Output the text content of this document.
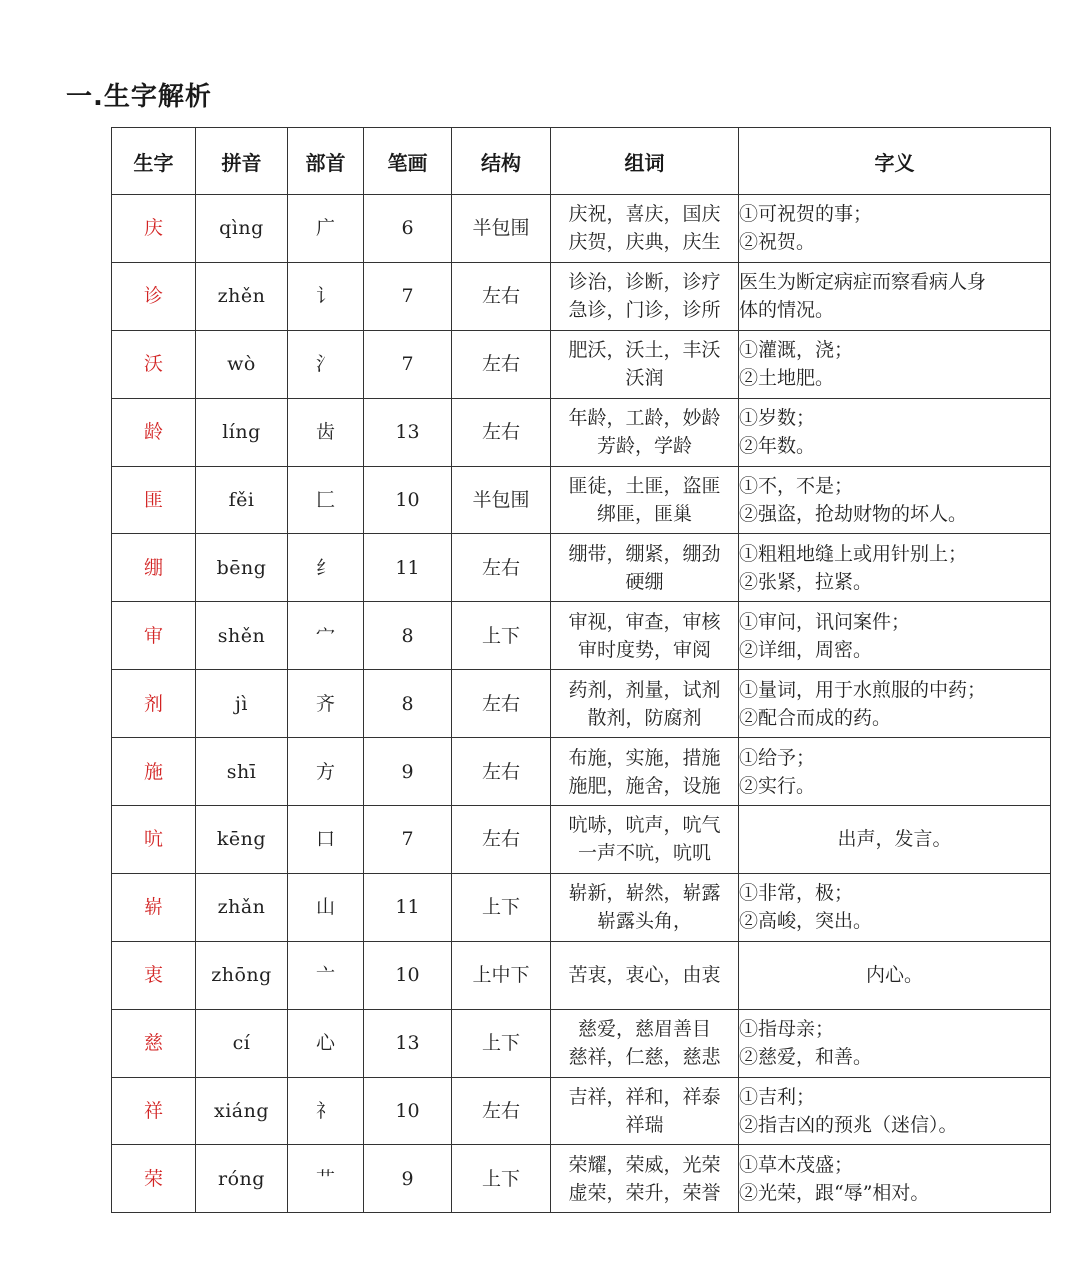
一.生字解析
生字	拼音	部首	笔画	结构	组词	字义
庆	qìng	广	6	半包围	庆祝，喜庆，国庆
庆贺，庆典，庆生	①可祝贺的事；
②祝贺。

诊	zhěn	讠	7	左右	诊治，诊断，诊疗
急诊，门诊，诊所	医生为断定病症而察看病人身
体的情况。

沃	wò	氵	7	左右	肥沃，沃土，丰沃
沃润	①灌溉，浇；
②土地肥。

龄	líng	齿	13	左右	年龄，工龄，妙龄
芳龄，学龄	①岁数；
②年数。

匪	fěi	匚	10	半包围	匪徒，土匪，盗匪
绑匪，匪巢	①不，不是；
②强盗，抢劫财物的坏人。

绷	bēng	纟	11	左右	绷带，绷紧，绷劲
硬绷	①粗粗地缝上或用针别上；
②张紧，拉紧。

审	shěn	宀	8	上下	审视，审查，审核
审时度势，审阅	①审问，讯问案件；
②详细，周密。

剂	jì	齐	8	左右	药剂，剂量，试剂
散剂，防腐剂	①量词，用于水煎服的中药；
②配合而成的药。

施	shī	方	9	左右	布施，实施，措施
施肥，施舍，设施	①给予；
②实行。

吭	kēng	口	7	左右	吭哧，吭声，吭气
一声不吭，吭叽	出声，发言。

崭	zhǎn	山	11	上下	崭新，崭然，崭露
崭露头角，	①非常，极；
②高峻，突出。

衷	zhōng	亠	10	上中下	苦衷，衷心，由衷	内心。

慈	cí	心	13	上下	慈爱，慈眉善目
慈祥，仁慈，慈悲	①指母亲；
②慈爱，和善。

祥	xiáng	礻	10	左右	吉祥，祥和，祥泰
祥瑞	①吉利；
②指吉凶的预兆（迷信）。

荣	róng	艹	9	上下	荣耀，荣威，光荣
虚荣，荣升，荣誉	①草木茂盛；
②光荣，跟“辱”相对。
